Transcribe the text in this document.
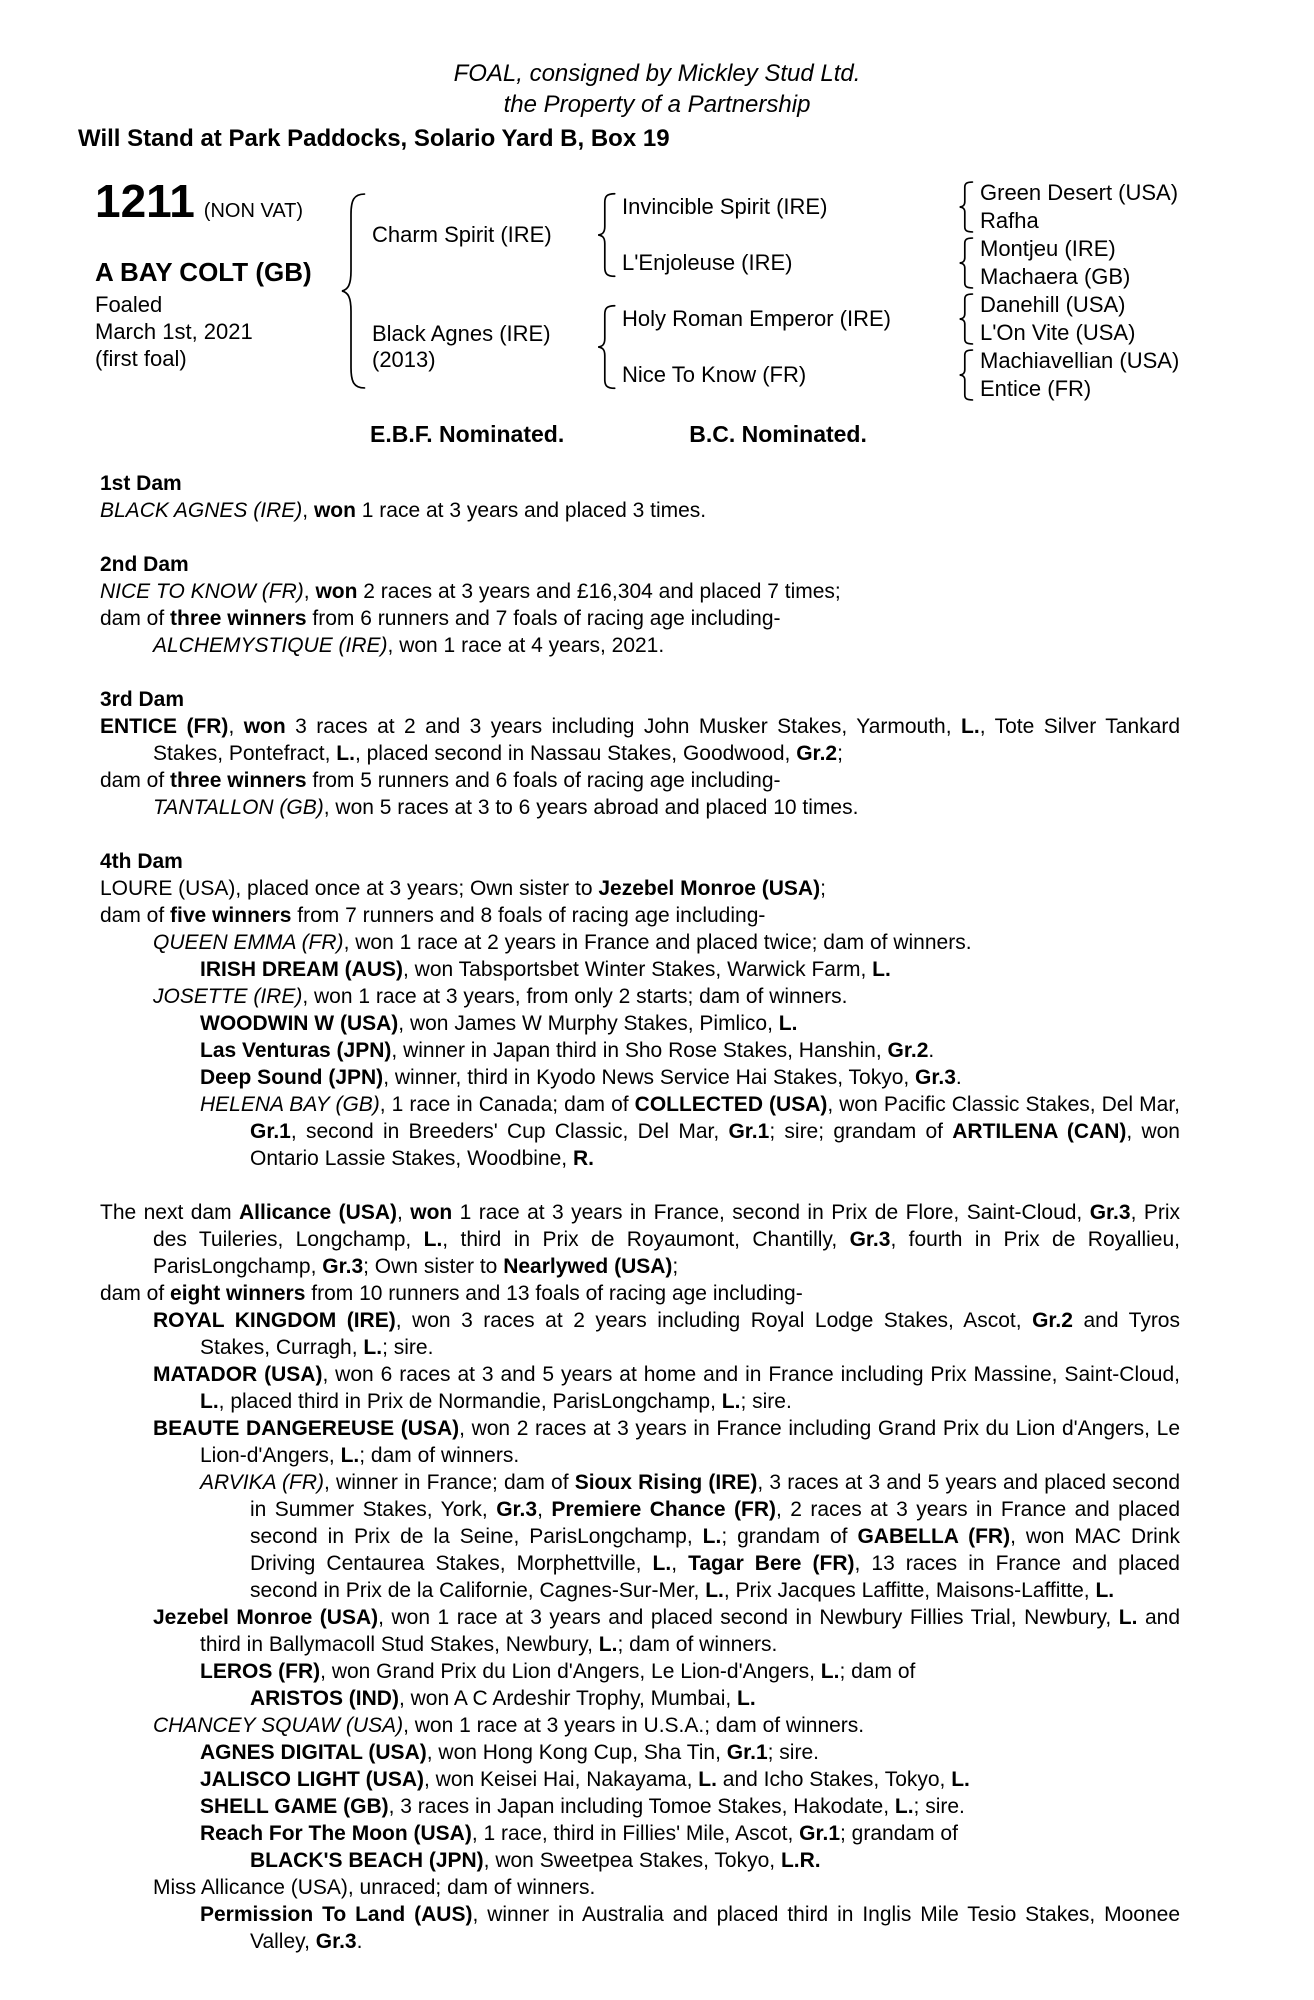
FOAL, consigned by Mickley Stud Ltd.
the Property of a Partnership
Will Stand at Park Paddocks, Solario Yard B, Box 19
1211 (NON VAT)
A BAY COLT (GB)
Foaled
March 1st, 2021
(first foal)
Charm Spirit (IRE)
Black Agnes (IRE)
(2013)
Invincible Spirit (IRE)
L'Enjoleuse (IRE)
Holy Roman Emperor (IRE)
Nice To Know (FR)
Green Desert (USA)
Rafha
Montjeu (IRE)
Machaera (GB)
Danehill (USA)
L'On Vite (USA)
Machiavellian (USA)
Entice (FR)
E.B.F. Nominated.	B.C. Nominated.
1st Dam
BLACK AGNES (IRE), won 1 race at 3 years and placed 3 times.
2nd Dam
NICE TO KNOW (FR), won 2 races at 3 years and £16,304 and placed 7 times;
dam of three winners from 6 runners and 7 foals of racing age including-
ALCHEMYSTIQUE (IRE), won 1 race at 4 years, 2021.
3rd Dam
ENTICE (FR), won 3 races at 2 and 3 years including John Musker Stakes, Yarmouth, L., Tote Silver Tankard Stakes, Pontefract, L., placed second in Nassau Stakes, Goodwood, Gr.2;
dam of three winners from 5 runners and 6 foals of racing age including-
TANTALLON (GB), won 5 races at 3 to 6 years abroad and placed 10 times.
4th Dam
LOURE (USA), placed once at 3 years; Own sister to Jezebel Monroe (USA);
dam of five winners from 7 runners and 8 foals of racing age including-
QUEEN EMMA (FR), won 1 race at 2 years in France and placed twice; dam of winners.
IRISH DREAM (AUS), won Tabsportsbet Winter Stakes, Warwick Farm, L.
JOSETTE (IRE), won 1 race at 3 years, from only 2 starts; dam of winners.
WOODWIN W (USA), won James W Murphy Stakes, Pimlico, L.
Las Venturas (JPN), winner in Japan third in Sho Rose Stakes, Hanshin, Gr.2.
Deep Sound (JPN), winner, third in Kyodo News Service Hai Stakes, Tokyo, Gr.3.
HELENA BAY (GB), 1 race in Canada; dam of COLLECTED (USA), won Pacific Classic Stakes, Del Mar, Gr.1, second in Breeders' Cup Classic, Del Mar, Gr.1; sire; grandam of ARTILENA (CAN), won Ontario Lassie Stakes, Woodbine, R.
The next dam Allicance (USA), won 1 race at 3 years in France, second in Prix de Flore, Saint-Cloud, Gr.3, Prix des Tuileries, Longchamp, L., third in Prix de Royaumont, Chantilly, Gr.3, fourth in Prix de Royallieu, ParisLongchamp, Gr.3; Own sister to Nearlywed (USA);
dam of eight winners from 10 runners and 13 foals of racing age including-
ROYAL KINGDOM (IRE), won 3 races at 2 years including Royal Lodge Stakes, Ascot, Gr.2 and Tyros Stakes, Curragh, L.; sire.
MATADOR (USA), won 6 races at 3 and 5 years at home and in France including Prix Massine, Saint-Cloud, L., placed third in Prix de Normandie, ParisLongchamp, L.; sire.
BEAUTE DANGEREUSE (USA), won 2 races at 3 years in France including Grand Prix du Lion d'Angers, Le Lion-d'Angers, L.; dam of winners.
ARVIKA (FR), winner in France; dam of Sioux Rising (IRE), 3 races at 3 and 5 years and placed second in Summer Stakes, York, Gr.3, Premiere Chance (FR), 2 races at 3 years in France and placed second in Prix de la Seine, ParisLongchamp, L.; grandam of GABELLA (FR), won MAC Drink Driving Centaurea Stakes, Morphettville, L., Tagar Bere (FR), 13 races in France and placed second in Prix de la Californie, Cagnes-Sur-Mer, L., Prix Jacques Laffitte, Maisons-Laffitte, L.
Jezebel Monroe (USA), won 1 race at 3 years and placed second in Newbury Fillies Trial, Newbury, L. and third in Ballymacoll Stud Stakes, Newbury, L.; dam of winners.
LEROS (FR), won Grand Prix du Lion d'Angers, Le Lion-d'Angers, L.; dam of
ARISTOS (IND), won A C Ardeshir Trophy, Mumbai, L.
CHANCEY SQUAW (USA), won 1 race at 3 years in U.S.A.; dam of winners.
AGNES DIGITAL (USA), won Hong Kong Cup, Sha Tin, Gr.1; sire.
JALISCO LIGHT (USA), won Keisei Hai, Nakayama, L. and Icho Stakes, Tokyo, L.
SHELL GAME (GB), 3 races in Japan including Tomoe Stakes, Hakodate, L.; sire.
Reach For The Moon (USA), 1 race, third in Fillies' Mile, Ascot, Gr.1; grandam of
BLACK'S BEACH (JPN), won Sweetpea Stakes, Tokyo, L.R.
Miss Allicance (USA), unraced; dam of winners.
Permission To Land (AUS), winner in Australia and placed third in Inglis Mile Tesio Stakes, Moonee Valley, Gr.3.
